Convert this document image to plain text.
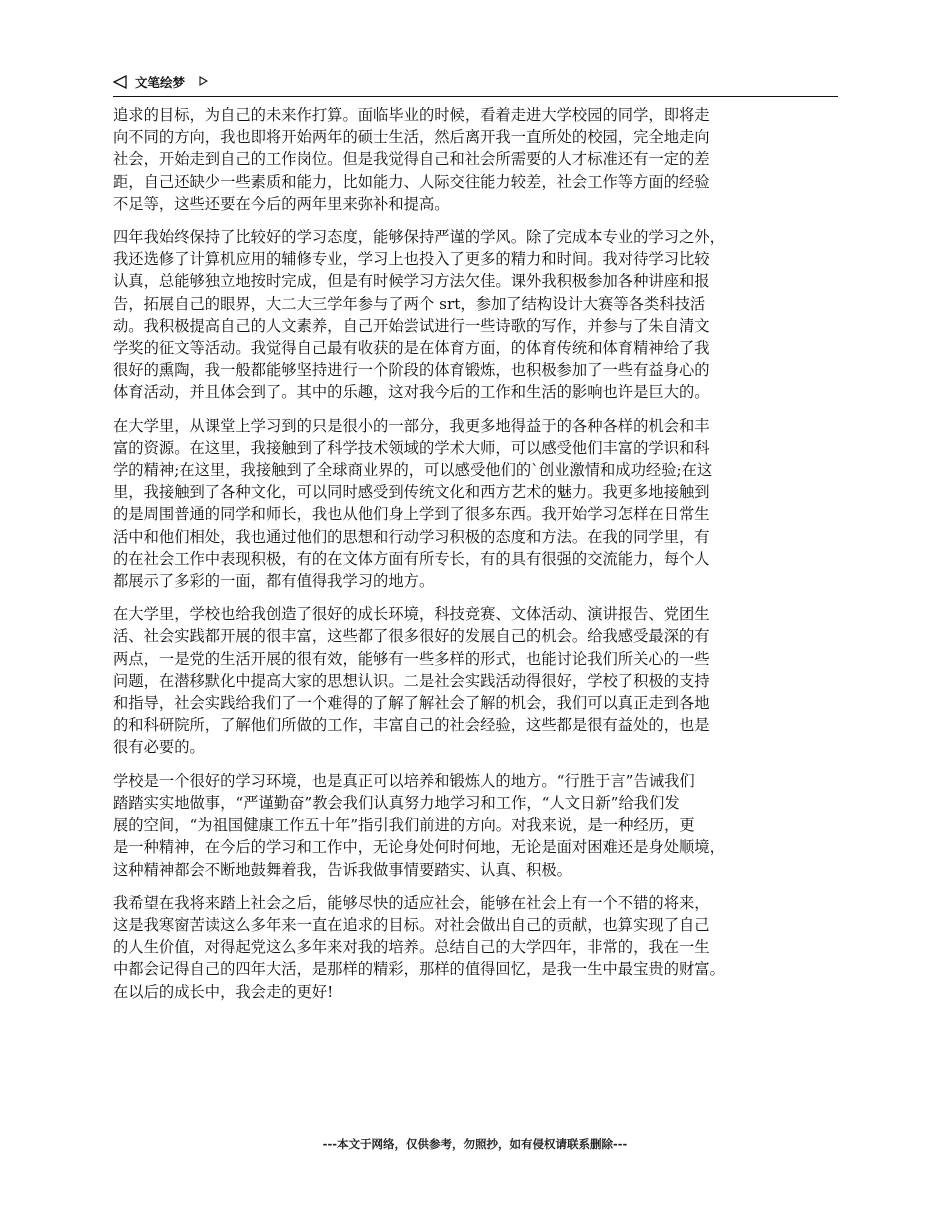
文笔绘梦
追求的目标，为自己的未来作打算。面临毕业的时候，看着走进大学校园的同学，即将走
向不同的方向，我也即将开始两年的硕士生活，然后离开我一直所处的校园，完全地走向
社会，开始走到自己的工作岗位。但是我觉得自己和社会所需要的人才标准还有一定的差
距，自己还缺少一些素质和能力，比如能力、人际交往能力较差，社会工作等方面的经验
不足等，这些还要在今后的两年里来弥补和提高。
四年我始终保持了比较好的学习态度，能够保持严谨的学风。除了完成本专业的学习之外，
我还选修了计算机应用的辅修专业，学习上也投入了更多的精力和时间。我对待学习比较
认真，总能够独立地按时完成，但是有时候学习方法欠佳。课外我积极参加各种讲座和报
告，拓展自己的眼界，大二大三学年参与了两个 srt，参加了结构设计大赛等各类科技活
动。我积极提高自己的人文素养，自己开始尝试进行一些诗歌的写作，并参与了朱自清文
学奖的征文等活动。我觉得自己最有收获的是在体育方面，的体育传统和体育精神给了我
很好的熏陶，我一般都能够坚持进行一个阶段的体育锻炼，也积极参加了一些有益身心的
体育活动，并且体会到了。其中的乐趣，这对我今后的工作和生活的影响也许是巨大的。
在大学里，从课堂上学习到的只是很小的一部分，我更多地得益于的各种各样的机会和丰
富的资源。在这里，我接触到了科学技术领域的学术大师，可以感受他们丰富的学识和科
学的精神;在这里，我接触到了全球商业界的，可以感受他们的`创业激情和成功经验;在这
里，我接触到了各种文化，可以同时感受到传统文化和西方艺术的魅力。我更多地接触到
的是周围普通的同学和师长，我也从他们身上学到了很多东西。我开始学习怎样在日常生
活中和他们相处，我也通过他们的思想和行动学习积极的态度和方法。在我的同学里，有
的在社会工作中表现积极，有的在文体方面有所专长，有的具有很强的交流能力，每个人
都展示了多彩的一面，都有值得我学习的地方。
在大学里，学校也给我创造了很好的成长环境，科技竞赛、文体活动、演讲报告、党团生
活、社会实践都开展的很丰富，这些都了很多很好的发展自己的机会。给我感受最深的有
两点，一是党的生活开展的很有效，能够有一些多样的形式，也能讨论我们所关心的一些
问题，在潜移默化中提高大家的思想认识。二是社会实践活动得很好，学校了积极的支持
和指导，社会实践给我们了一个难得的了解了解社会了解的机会，我们可以真正走到各地
的和科研院所，了解他们所做的工作，丰富自己的社会经验，这些都是很有益处的，也是
很有必要的。
学校是一个很好的学习环境，也是真正可以培养和锻炼人的地方。“行胜于言”告诫我们
踏踏实实地做事，“严谨勤奋”教会我们认真努力地学习和工作，“人文日新”给我们发
展的空间，“为祖国健康工作五十年”指引我们前进的方向。对我来说，是一种经历，更
是一种精神，在今后的学习和工作中，无论身处何时何地，无论是面对困难还是身处顺境，
这种精神都会不断地鼓舞着我，告诉我做事情要踏实、认真、积极。
我希望在我将来踏上社会之后，能够尽快的适应社会，能够在社会上有一个不错的将来，
这是我寒窗苦读这么多年来一直在追求的目标。对社会做出自己的贡献，也算实现了自己
的人生价值，对得起党这么多年来对我的培养。总结自己的大学四年，非常的，我在一生
中都会记得自己的四年大活，是那样的精彩，那样的值得回忆，是我一生中最宝贵的财富。
在以后的成长中，我会走的更好!
---本文于网络，仅供参考，勿照抄，如有侵权请联系删除---
